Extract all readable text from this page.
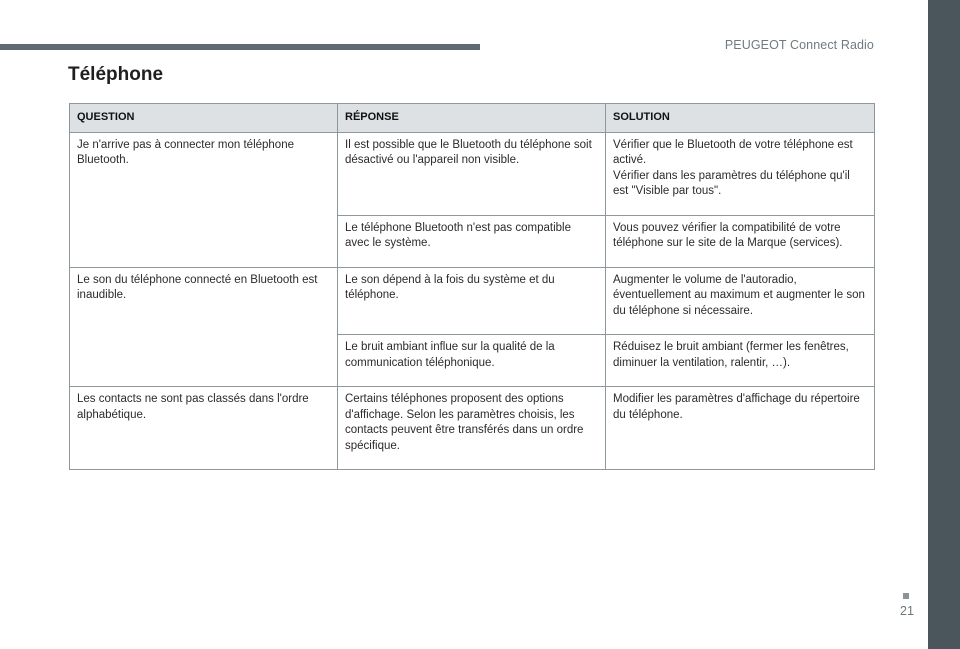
PEUGEOT Connect Radio
Téléphone
QUESTION	RÉPONSE	SOLUTION
Je n'arrive pas à connecter mon téléphone Bluetooth.	Il est possible que le Bluetooth du téléphone soit désactivé ou l'appareil non visible.	Vérifier que le Bluetooth de votre téléphone est activé.
Vérifier dans les paramètres du téléphone qu'il est "Visible par tous".

	Le téléphone Bluetooth n'est pas compatible avec le système.	Vous pouvez vérifier la compatibilité de votre téléphone sur le site de la Marque (services).

Le son du téléphone connecté en Bluetooth est inaudible.	Le son dépend à la fois du système et du téléphone.	Augmenter le volume de l'autoradio, éventuellement au maximum et augmenter le son du téléphone si nécessaire.

	Le bruit ambiant influe sur la qualité de la communication téléphonique.	Réduisez le bruit ambiant (fermer les fenêtres, diminuer la ventilation, ralentir, …).

Les contacts ne sont pas classés dans l'ordre alphabétique.	Certains téléphones proposent des options d'affichage. Selon les paramètres choisis, les contacts peuvent être transférés dans un ordre spécifique.	Modifier les paramètres d'affichage du répertoire du téléphone.
21
